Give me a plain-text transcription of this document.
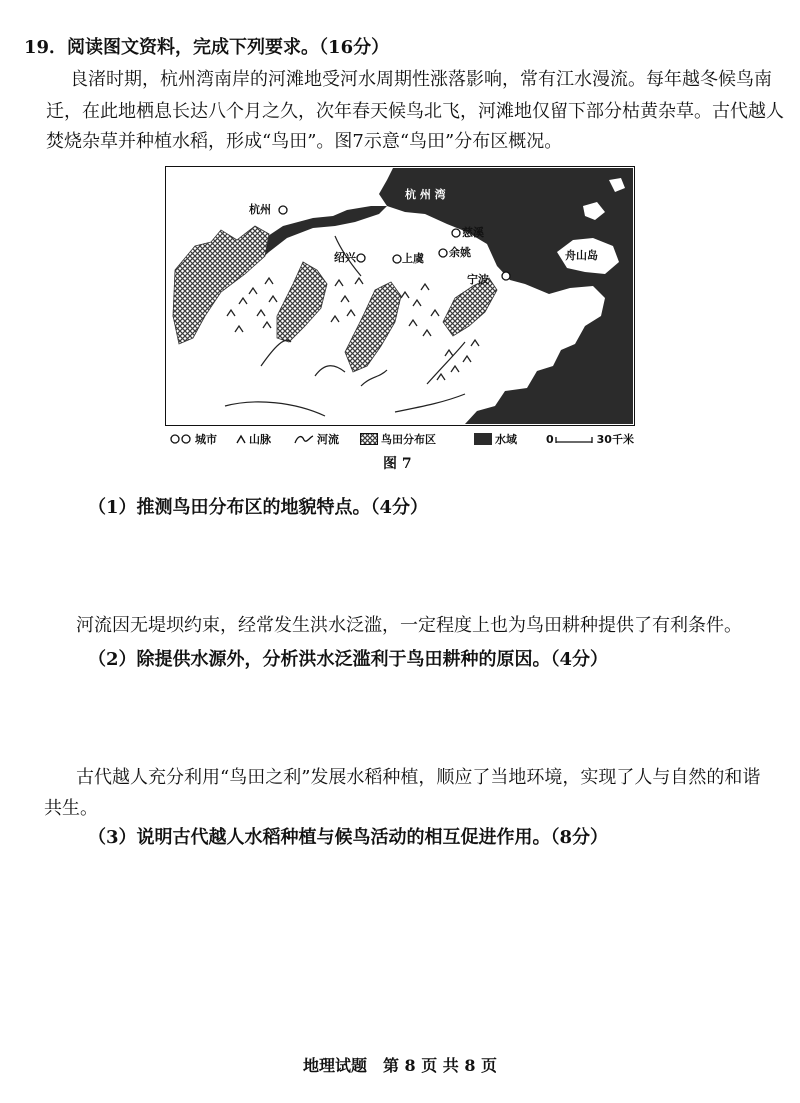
19．阅读图文资料，完成下列要求。（16分）
良渚时期，杭州湾南岸的河滩地受河水周期性涨落影响，常有江水漫流。每年越冬候鸟南
迁，在此地栖息长达八个月之久，次年春天候鸟北飞，河滩地仅留下部分枯黄杂草。古代越人
焚烧杂草并种植水稻，形成“鸟田”。图7示意“鸟田”分布区概况。
杭 州 湾
杭州
绍兴	上虞
慈溪
余姚
宁波
舟山岛
城市	山脉	河流	鸟田分布区	水域	0	30千米
图 7
（1）推测鸟田分布区的地貌特点。（4分）
河流因无堤坝约束，经常发生洪水泛滥，一定程度上也为鸟田耕种提供了有利条件。
（2）除提供水源外，分析洪水泛滥利于鸟田耕种的原因。（4分）
古代越人充分利用“鸟田之利”发展水稻种植，顺应了当地环境，实现了人与自然的和谐
共生。
（3）说明古代越人水稻种植与候鸟活动的相互促进作用。（8分）
地理试题　第 8 页 共 8 页
